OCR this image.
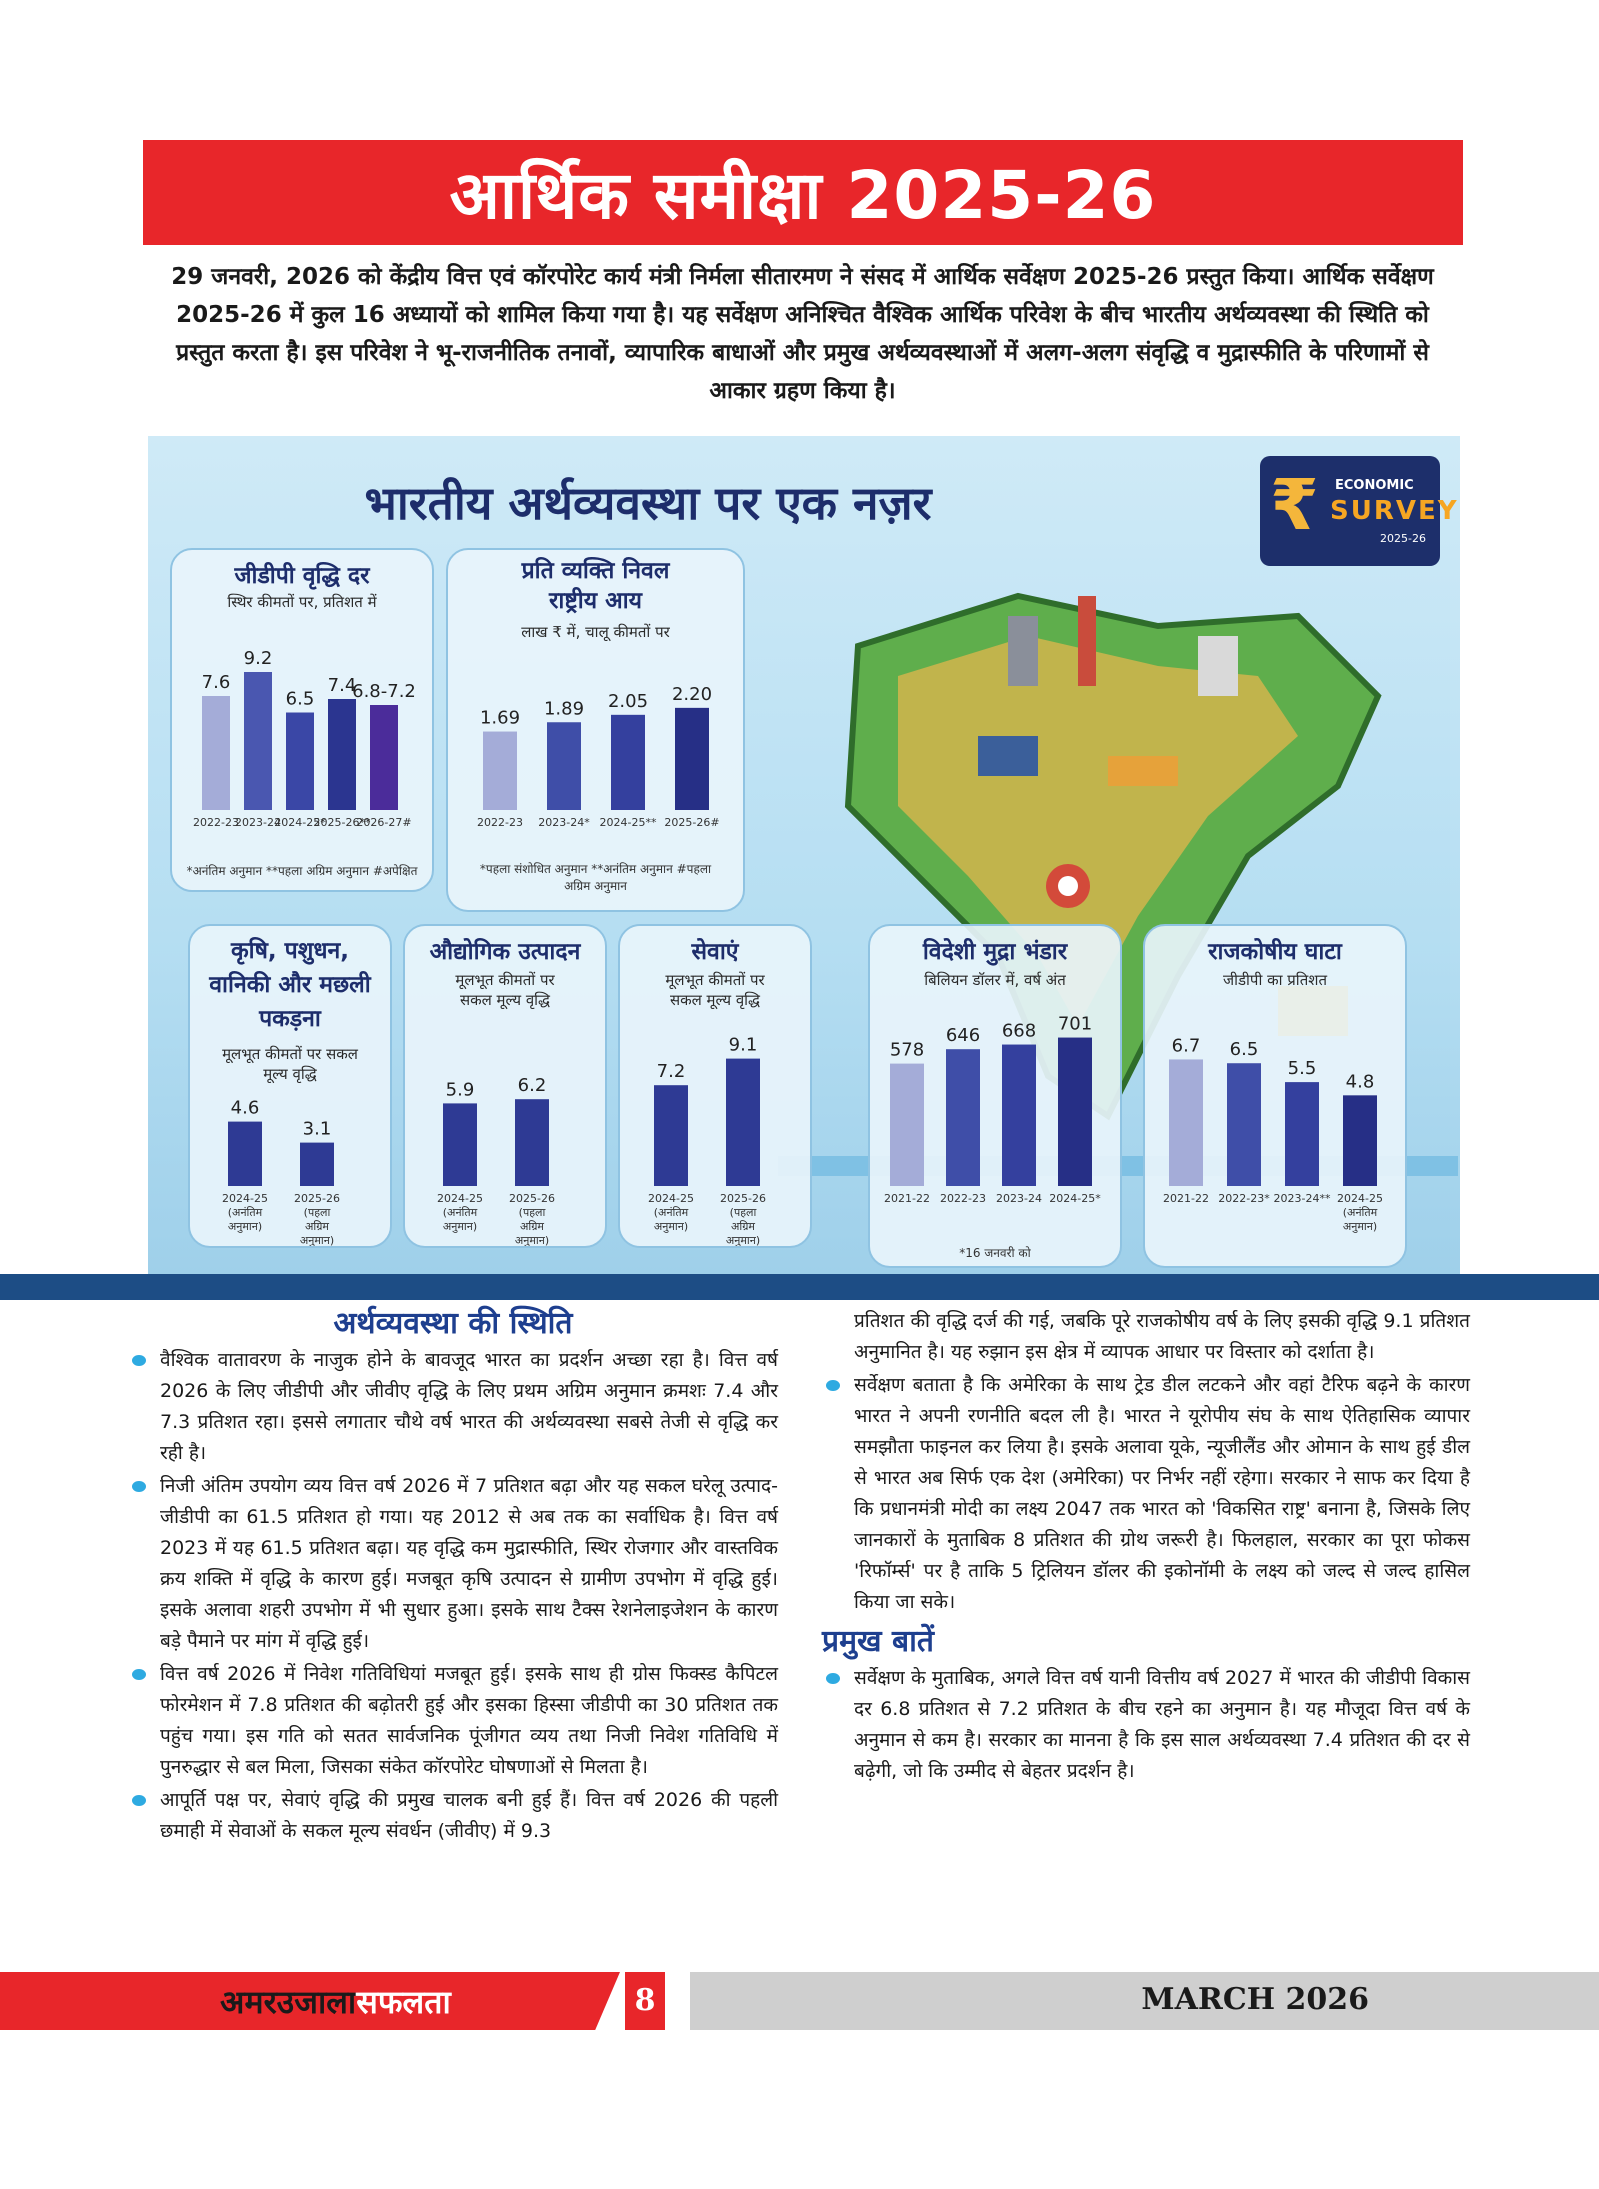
आर्थिक समीक्षा 2025-26
29 जनवरी, 2026 को केंद्रीय वित्त एवं कॉरपोरेट कार्य मंत्री निर्मला सीतारमण ने संसद में आर्थिक सर्वेक्षण 2025-26 प्रस्तुत किया। आर्थिक सर्वेक्षण 2025-26 में कुल 16 अध्यायों को शामिल किया गया है। यह सर्वेक्षण अनिश्चित वैश्विक आर्थिक परिवेश के बीच भारतीय अर्थव्यवस्था की स्थिति को प्रस्तुत करता है। इस परिवेश ने भू-राजनीतिक तनावों, व्यापारिक बाधाओं और प्रमुख अर्थव्यवस्थाओं में अलग-अलग संवृद्धि व मुद्रास्फीति के परिणामों से आकार ग्रहण किया है।
भारतीय अर्थव्यवस्था पर एक नज़र	₹ ECONOMIC
SURVEY
2025-26
जीडीपी वृद्धि दर
स्थिर कीमतों पर, प्रतिशत में
7.6
2022-23
9.2
2023-24
6.5
2024-25*
7.4
2025-26**
6.8-7.2
2026-27#
*अनंतिम अनुमान **पहला अग्रिम अनुमान #अपेक्षित
प्रति व्यक्ति निवल राष्ट्रीय आय
लाख ₹ में, चालू कीमतों पर
1.69
2022-23
1.89
2023-24*
2.05
2024-25**
2.20
2025-26#
*पहला संशोधित अनुमान **अनंतिम अनुमान #पहला अग्रिम अनुमान
कृषि, पशुधन, वानिकी और मछली पकड़ना
मूलभूत कीमतों पर सकल मूल्य वृद्धि
4.6
2024-25
(अनंतिम
अनुमान)
3.1
2025-26
(पहला
अग्रिम
अनुमान)
औद्योगिक उत्पादन
मूलभूत कीमतों पर सकल मूल्य वृद्धि
5.9
2024-25
(अनंतिम
अनुमान)
6.2
2025-26
(पहला
अग्रिम
अनुमान)
सेवाएं
मूलभूत कीमतों पर सकल मूल्य वृद्धि
7.2
2024-25
(अनंतिम
अनुमान)
9.1
2025-26
(पहला
अग्रिम
अनुमान)
विदेशी मुद्रा भंडार
बिलियन डॉलर में, वर्ष अंत
578
2021-22
646
2022-23
668
2023-24
701
2024-25*
*16 जनवरी को
राजकोषीय घाटा
जीडीपी का प्रतिशत
6.7
2021-22
6.5
2022-23*
5.5
2023-24**
4.8
2024-25
(अनंतिम
अनुमान)
अर्थव्यवस्था की स्थिति
वैश्विक वातावरण के नाजुक होने के बावजूद भारत का प्रदर्शन अच्छा रहा है। वित्त वर्ष 2026 के लिए जीडीपी और जीवीए वृद्धि के लिए प्रथम अग्रिम अनुमान क्रमशः 7.4 और 7.3 प्रतिशत रहा। इससे लगातार चौथे वर्ष भारत की अर्थव्यवस्था सबसे तेजी से वृद्धि कर रही है।
निजी अंतिम उपयोग व्यय वित्त वर्ष 2026 में 7 प्रतिशत बढ़ा और यह सकल घरेलू उत्पाद-जीडीपी का 61.5 प्रतिशत हो गया। यह 2012 से अब तक का सर्वाधिक है। वित्त वर्ष 2023 में यह 61.5 प्रतिशत बढ़ा। यह वृद्धि कम मुद्रास्फीति, स्थिर रोजगार और वास्तविक क्रय शक्ति में वृद्धि के कारण हुई। मजबूत कृषि उत्पादन से ग्रामीण उपभोग में वृद्धि हुई। इसके अलावा शहरी उपभोग में भी सुधार हुआ। इसके साथ टैक्स रेशनेलाइजेशन के कारण बड़े पैमाने पर मांग में वृद्धि हुई।
वित्त वर्ष 2026 में निवेश गतिविधियां मजबूत हुई। इसके साथ ही ग्रोस फिक्स्ड कैपिटल फोरमेशन में 7.8 प्रतिशत की बढ़ोतरी हुई और इसका हिस्सा जीडीपी का 30 प्रतिशत तक पहुंच गया। इस गति को सतत सार्वजनिक पूंजीगत व्यय तथा निजी निवेश गतिविधि में पुनरुद्धार से बल मिला, जिसका संकेत कॉरपोरेट घोषणाओं से मिलता है।
आपूर्ति पक्ष पर, सेवाएं वृद्धि की प्रमुख चालक बनी हुई हैं। वित्त वर्ष 2026 की पहली छमाही में सेवाओं के सकल मूल्य संवर्धन (जीवीए) में 9.3

प्रतिशत की वृद्धि दर्ज की गई, जबकि पूरे राजकोषीय वर्ष के लिए इसकी वृद्धि 9.1 प्रतिशत अनुमानित है। यह रुझान इस क्षेत्र में व्यापक आधार पर विस्तार को दर्शाता है।

सर्वेक्षण बताता है कि अमेरिका के साथ ट्रेड डील लटकने और वहां टैरिफ बढ़ने के कारण भारत ने अपनी रणनीति बदल ली है। भारत ने यूरोपीय संघ के साथ ऐतिहासिक व्यापार समझौता फाइनल कर लिया है। इसके अलावा यूके, न्यूजीलैंड और ओमान के साथ हुई डील से भारत अब सिर्फ एक देश (अमेरिका) पर निर्भर नहीं रहेगा। सरकार ने साफ कर दिया है कि प्रधानमंत्री मोदी का लक्ष्य 2047 तक भारत को 'विकसित राष्ट्र' बनाना है, जिसके लिए जानकारों के मुताबिक 8 प्रतिशत की ग्रोथ जरूरी है। फिलहाल, सरकार का पूरा फोकस 'रिफॉर्म्स' पर है ताकि 5 ट्रिलियन डॉलर की इकोनॉमी के लक्ष्य को जल्द से जल्द हासिल किया जा सके।
प्रमुख बातें
सर्वेक्षण के मुताबिक, अगले वित्त वर्ष यानी वित्तीय वर्ष 2027 में भारत की जीडीपी विकास दर 6.8 प्रतिशत से 7.2 प्रतिशत के बीच रहने का अनुमान है। यह मौजूदा वित्त वर्ष के अनुमान से कम है। सरकार का मानना है कि इस साल अर्थव्यवस्था 7.4 प्रतिशत की दर से बढ़ेगी, जो कि उम्मीद से बेहतर प्रदर्शन है।
अमरउजालासफलता	8	MARCH 2026
